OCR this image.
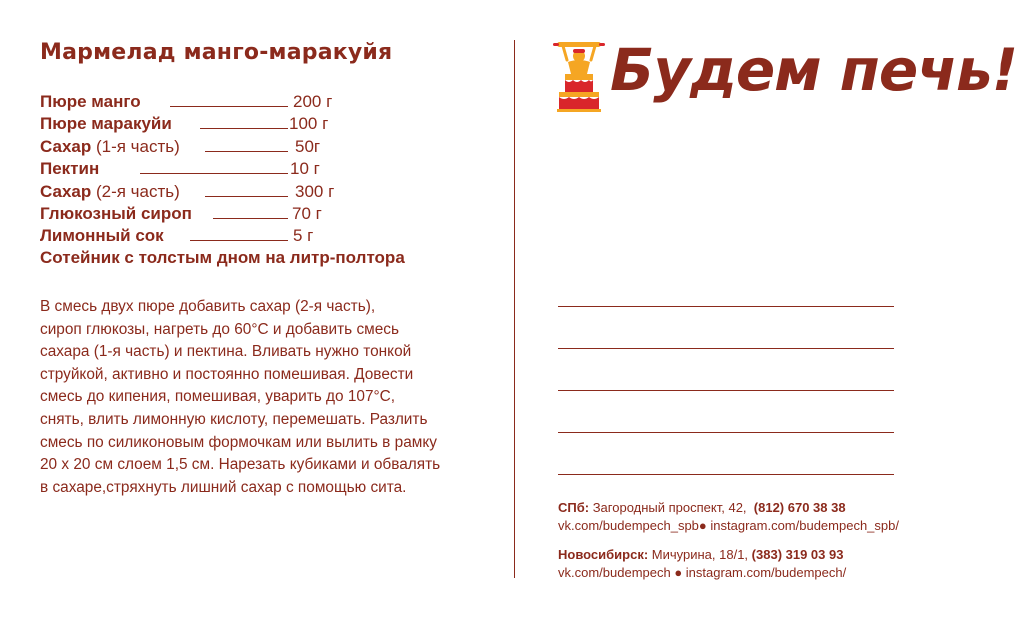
Мармелад манго-маракуйя
Пюре манго	200 г
Пюре маракуйи	100 г
Сахар (1-я часть)	50г
Пектин	10 г
Сахар (2-я часть)	300 г
Глюкозный сироп	70 г
Лимонный сок	5 г
Сотейник с толстым дном на литр-полтора

В смесь двух пюре добавить сахар (2-я часть),

сироп глюкозы, нагреть до 60°С и добавить смесь

сахара (1-я часть) и пектина. Вливать нужно тонкой

струйкой, активно и постоянно помешивая. Довести

смесь до кипения, помешивая, уварить до 107°С,

снять, влить лимонную кислоту, перемешать. Разлить

смесь по силиконовым формочкам или вылить в рамку

20 х 20 см слоем 1,5 см. Нарезать кубиками и обвалять

в сахаре,стряхнуть лишний сахар с помощью сита.

Будем печь!
СПб: Загородный проспект, 42, (812) 670 38 38
vk.com/budempech_spb● instagram.com/budempech_spb/
Новосибирск: Мичурина, 18/1, (383) 319 03 93
vk.com/budempech ● instagram.com/budempech/
